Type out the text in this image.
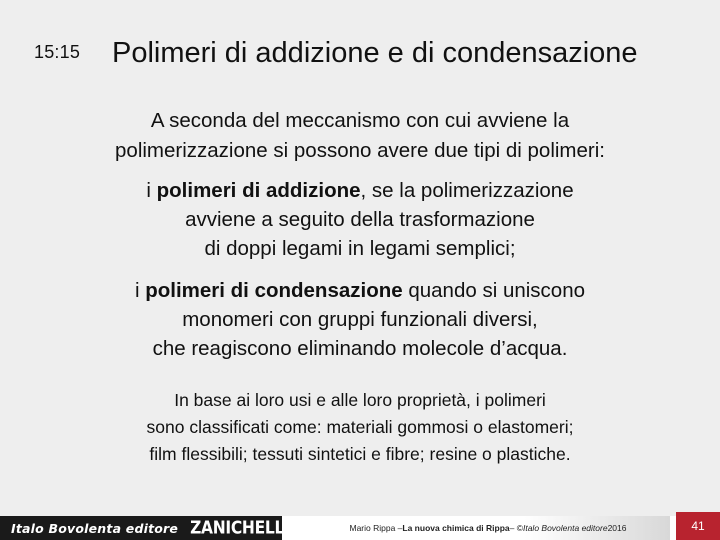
15:15 Polimeri di addizione e di condensazione
A seconda del meccanismo con cui avviene la
polimerizzazione si possono avere due tipi di polimeri:
i polimeri di addizione, se la polimerizzazione
avviene a seguito della trasformazione
di doppi legami in legami semplici;
i polimeri di condensazione quando si uniscono
monomeri con gruppi funzionali diversi,
che reagiscono eliminando molecole d’acqua.
In base ai loro usi e alle loro proprietà, i polimeri
sono classificati come: materiali gommosi o elastomeri;
film flessibili; tessuti sintetici e fibre; resine o plastiche.
Italo Bovolenta editore ZANICHELLI	Mario Rippa – La nuova chimica di Rippa – © Italo Bovolenta editore 2016	41
